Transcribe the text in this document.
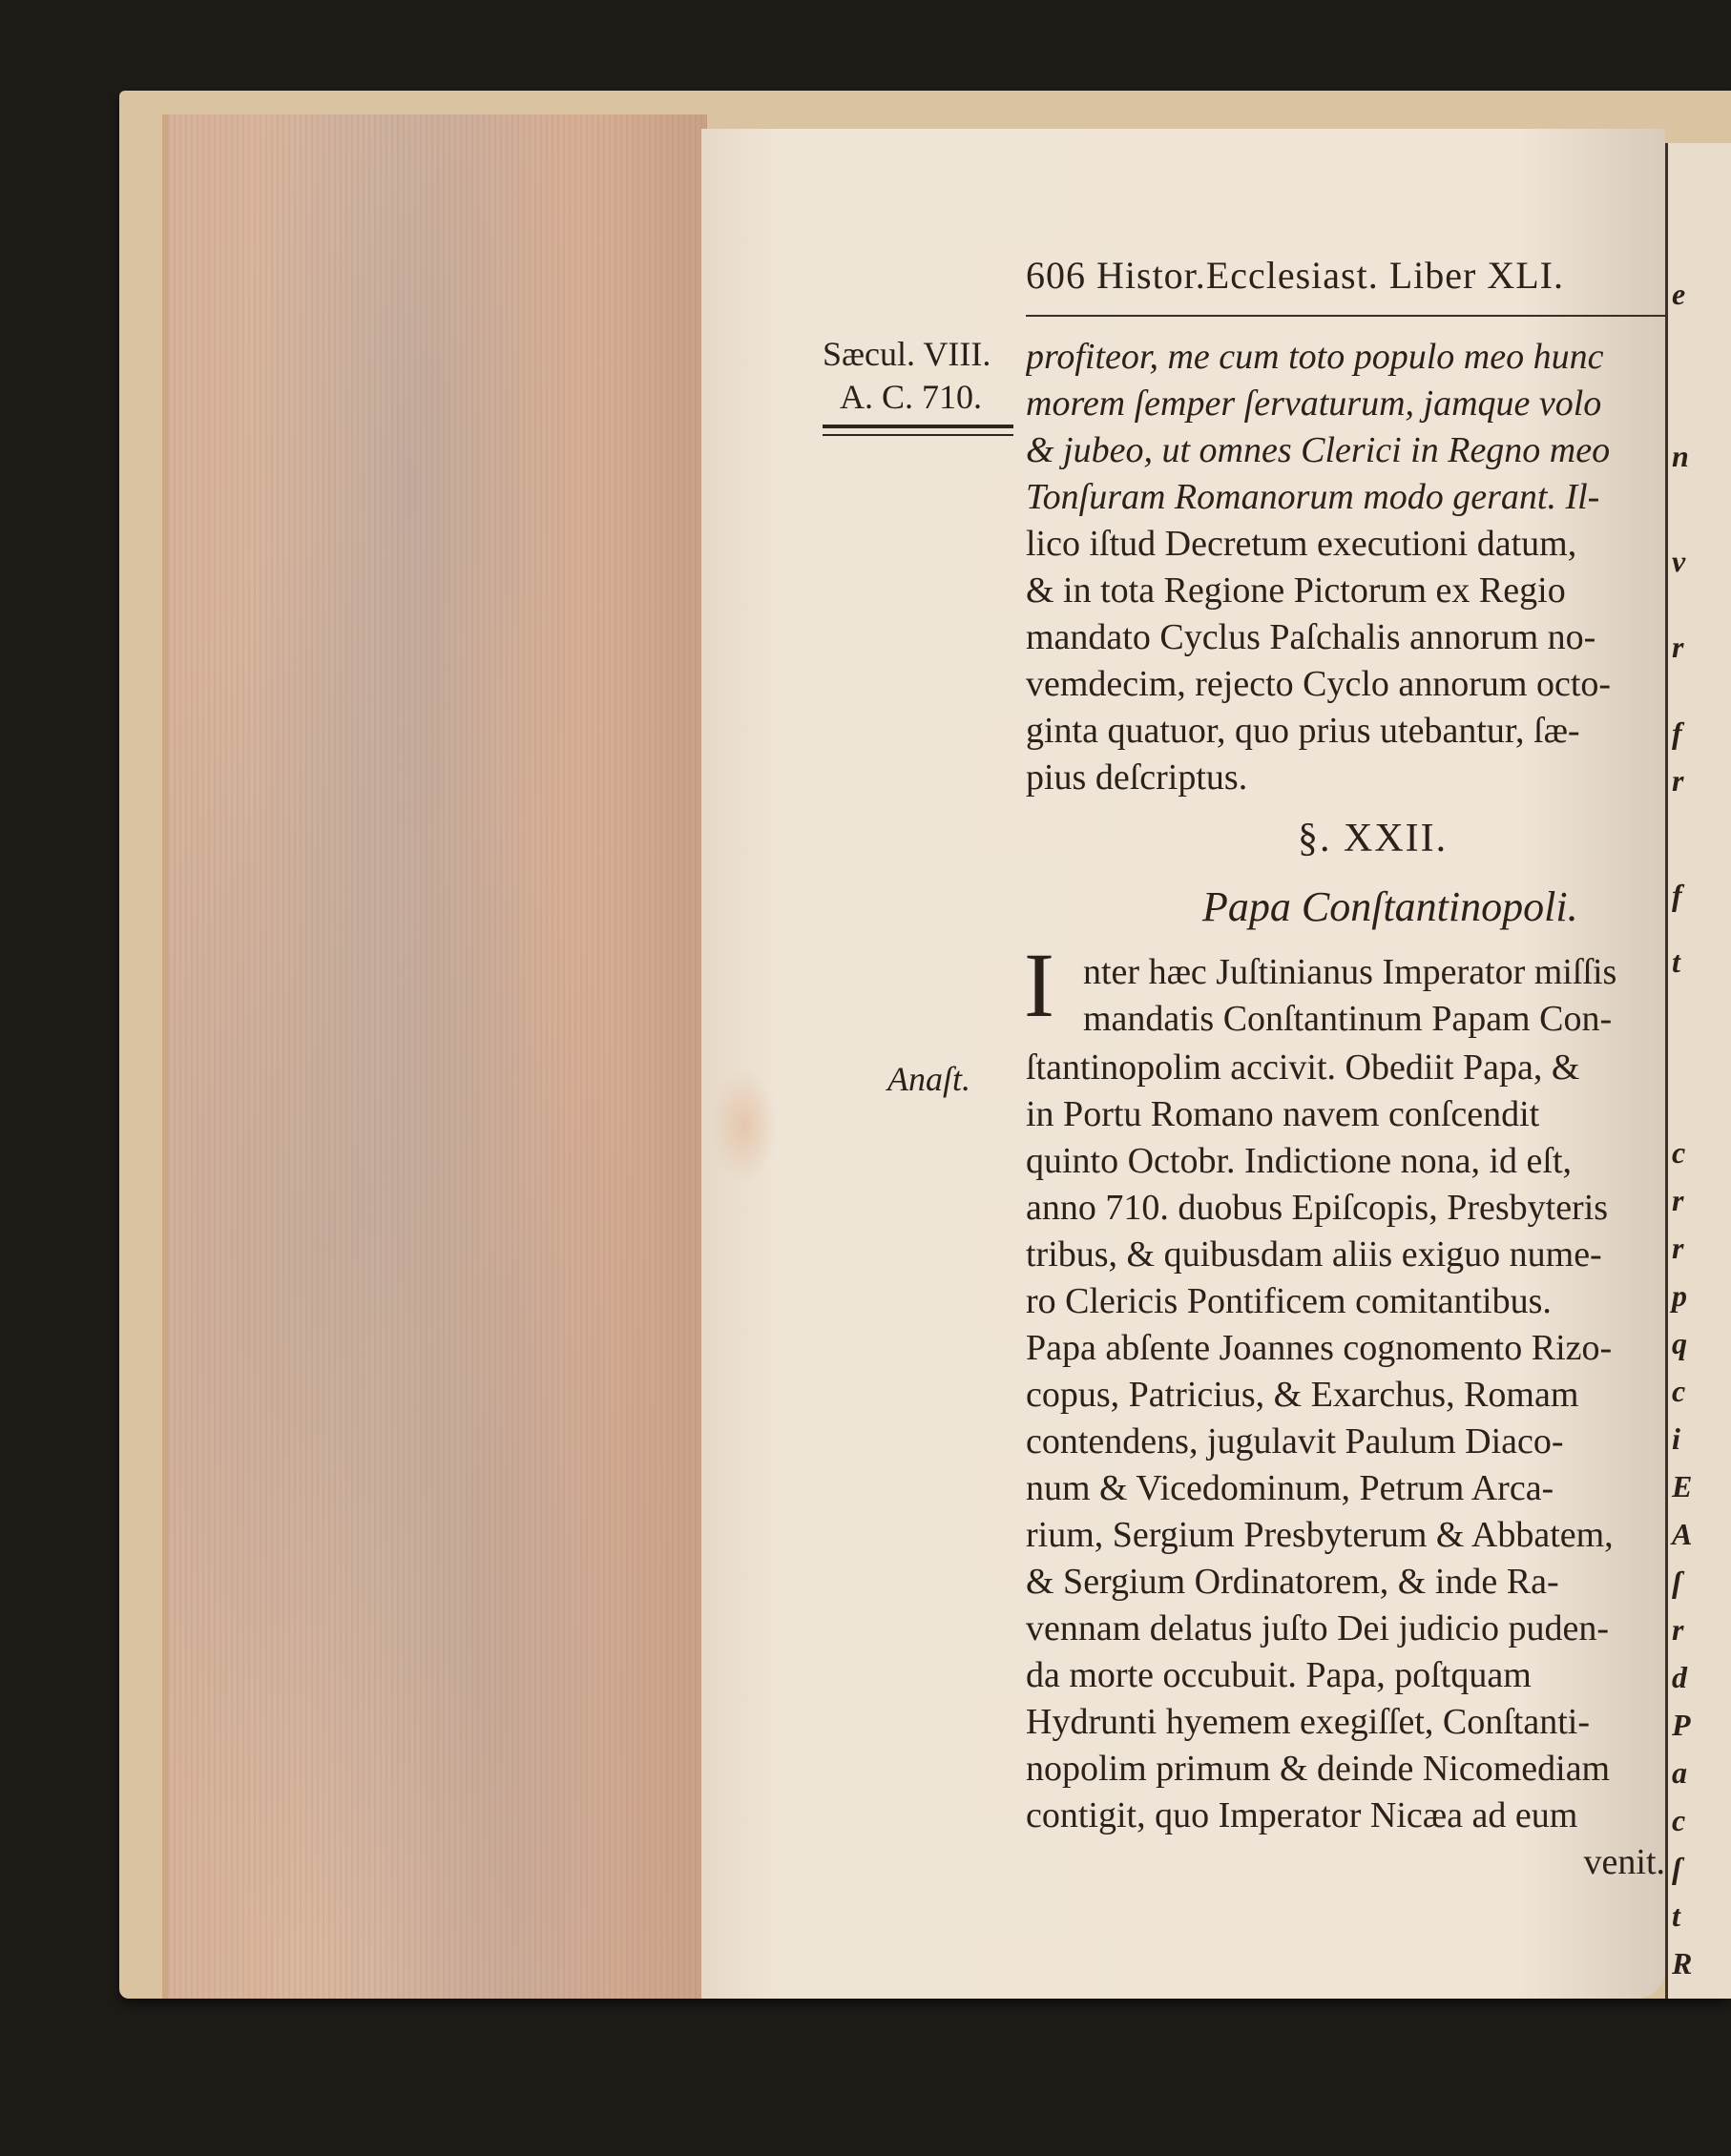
e
n
v
r
f
r
f
t
c
r
r
p
q
c
i
E
A
ſ
r
d
P
a
c
ſ
t
R
606 Histor.Ecclesiast. Liber XLI.
Sæcul. VIII.
A. C. 710.
Anaſt.
profiteor, me cum toto populo meo hunc
morem ſemper ſervaturum, jamque volo
& jubeo, ut omnes Clerici in Regno meo
Tonſuram Romanorum modo gerant. Il-
lico iſtud Decretum executioni datum,
& in tota Regione Pictorum ex Regio
mandato Cyclus Paſchalis annorum no-
vemdecim, rejecto Cyclo annorum octo-
ginta quatuor, quo prius utebantur, ſæ-
pius deſcriptus.
§. XXII.
Papa Conſtantinopoli.
I nter hæc Juſtinianus Imperator miſſis
mandatis Conſtantinum Papam Con-
ſtantinopolim accivit. Obediit Papa, &
in Portu Romano navem conſcendit
quinto Octobr. Indictione nona, id eſt,
anno 710. duobus Epiſcopis, Presbyteris
tribus, & quibusdam aliis exiguo nume-
ro Clericis Pontificem comitantibus.
Papa abſente Joannes cognomento Rizo-
copus, Patricius, & Exarchus, Romam
contendens, jugulavit Paulum Diaco-
num & Vicedominum, Petrum Arca-
rium, Sergium Presbyterum & Abbatem,
& Sergium Ordinatorem, & inde Ra-
vennam delatus juſto Dei judicio puden-
da morte occubuit. Papa, poſtquam
Hydrunti hyemem exegiſſet, Conſtanti-
nopolim primum & deinde Nicomediam
contigit, quo Imperator Nicæa ad eum
venit.
